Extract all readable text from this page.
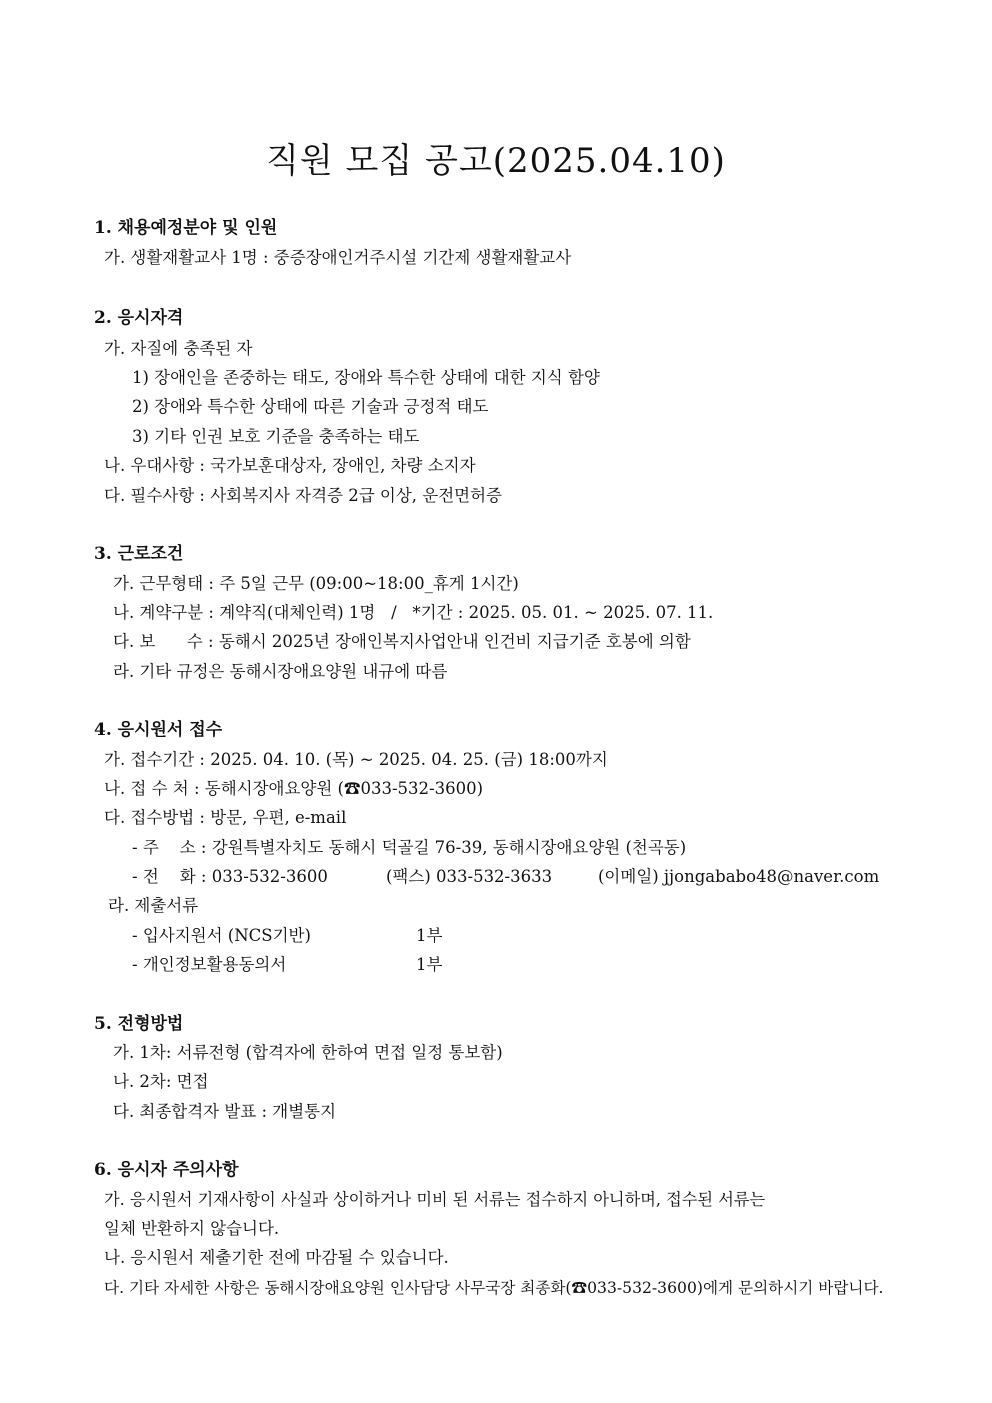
직원 모집 공고(2025.04.10)
1. 채용예정분야 및 인원
가. 생활재활교사 1명 : 중증장애인거주시설 기간제 생활재활교사
2. 응시자격
가. 자질에 충족된 자
1) 장애인을 존중하는 태도, 장애와 특수한 상태에 대한 지식 함양
2) 장애와 특수한 상태에 따른 기술과 긍정적 태도
3) 기타 인권 보호 기준을 충족하는 태도
나. 우대사항 : 국가보훈대상자, 장애인, 차량 소지자
다. 필수사항 : 사회복지사 자격증 2급 이상, 운전면허증
3. 근로조건
가. 근무형태 : 주 5일 근무 (09:00~18:00_휴게 1시간)
나. 계약구분 : 계약직(대체인력) 1명   /   *기간 : 2025. 05. 01. ~ 2025. 07. 11.
다. 보      수 : 동해시 2025년 장애인복지사업안내 인건비 지급기준 호봉에 의함
라. 기타 규정은 동해시장애요양원 내규에 따름
4. 응시원서 접수
가. 접수기간 : 2025. 04. 10. (목) ~ 2025. 04. 25. (금) 18:00까지
나. 접 수 처 : 동해시장애요양원 (☎033-532-3600)
다. 접수방법 : 방문, 우편, e-mail
- 주    소 : 강원특별자치도 동해시 덕골길 76-39, 동해시장애요양원 (천곡동)
- 전    화 : 033-532-3600	(팩스) 033-532-3633	(이메일) jjongababo48@naver.com
라. 제출서류
- 입사지원서 (NCS기반)	1부
- 개인정보활용동의서	1부
5. 전형방법
가. 1차: 서류전형 (합격자에 한하여 면접 일정 통보함)
나. 2차: 면접
다. 최종합격자 발표 : 개별통지
6. 응시자 주의사항
가. 응시원서 기재사항이 사실과 상이하거나 미비 된 서류는 접수하지 아니하며, 접수된 서류는
일체 반환하지 않습니다.
나. 응시원서 제출기한 전에 마감될 수 있습니다.
다. 기타 자세한 사항은 동해시장애요양원 인사담당 사무국장 최종화(☎033-532-3600)에게 문의하시기 바랍니다.
